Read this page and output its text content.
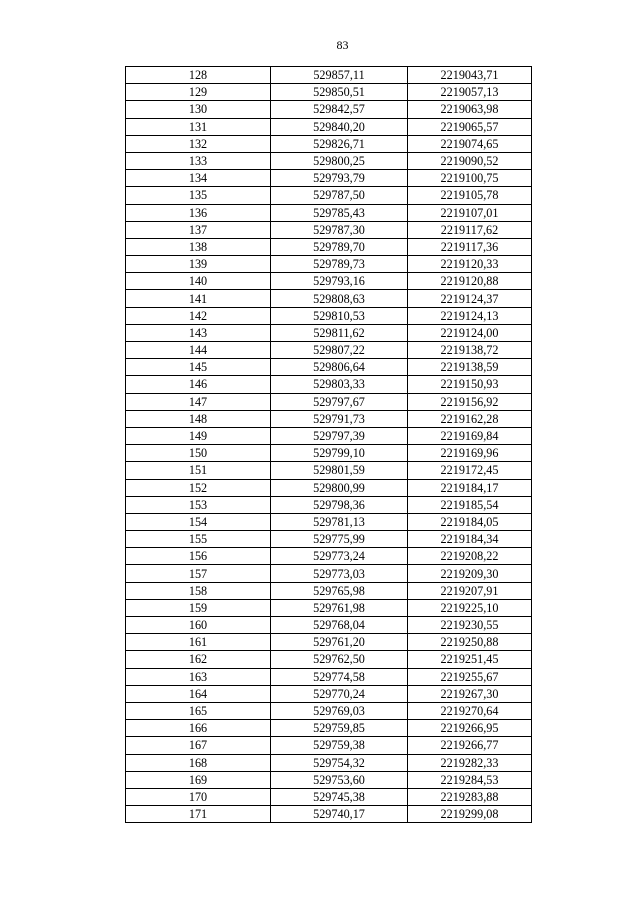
83
128	529857,11	2219043,71
129	529850,51	2219057,13
130	529842,57	2219063,98
131	529840,20	2219065,57
132	529826,71	2219074,65
133	529800,25	2219090,52
134	529793,79	2219100,75
135	529787,50	2219105,78
136	529785,43	2219107,01
137	529787,30	2219117,62
138	529789,70	2219117,36
139	529789,73	2219120,33
140	529793,16	2219120,88
141	529808,63	2219124,37
142	529810,53	2219124,13
143	529811,62	2219124,00
144	529807,22	2219138,72
145	529806,64	2219138,59
146	529803,33	2219150,93
147	529797,67	2219156,92
148	529791,73	2219162,28
149	529797,39	2219169,84
150	529799,10	2219169,96
151	529801,59	2219172,45
152	529800,99	2219184,17
153	529798,36	2219185,54
154	529781,13	2219184,05
155	529775,99	2219184,34
156	529773,24	2219208,22
157	529773,03	2219209,30
158	529765,98	2219207,91
159	529761,98	2219225,10
160	529768,04	2219230,55
161	529761,20	2219250,88
162	529762,50	2219251,45
163	529774,58	2219255,67
164	529770,24	2219267,30
165	529769,03	2219270,64
166	529759,85	2219266,95
167	529759,38	2219266,77
168	529754,32	2219282,33
169	529753,60	2219284,53
170	529745,38	2219283,88
171	529740,17	2219299,08
